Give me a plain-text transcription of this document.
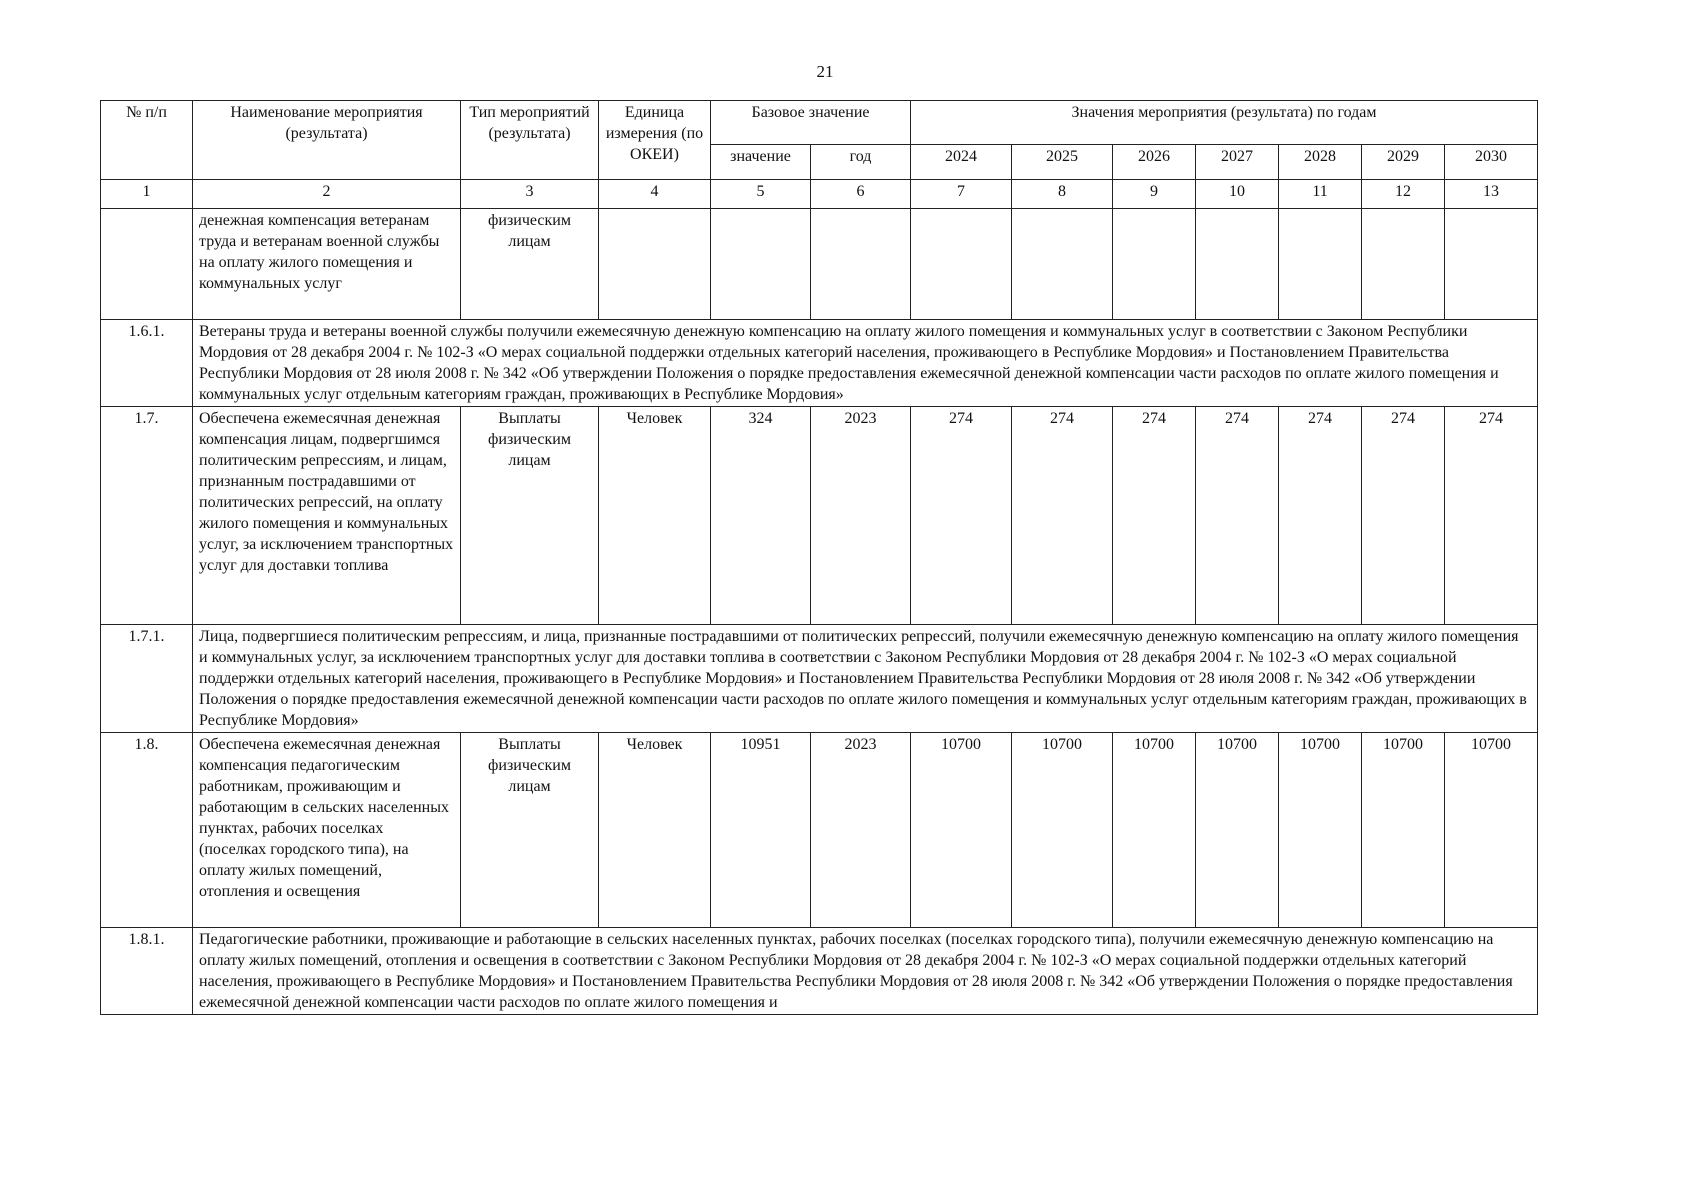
21
№ п/п	Наименование мероприятия (результата)	Тип мероприятий (результата)	Единица измерения (по ОКЕИ)	Базовое значение		Значения мероприятия (результата) по годам						
				значение	год	2024	2025	2026	2027	2028	2029	2030
1	2	3	4	5	6	7	8	9	10	11	12	13
	денежная компенсация ветеранам труда и ветеранам военной службы на оплату жилого помещения и коммунальных услуг	физическим лицам										
1.6.1.	Ветераны труда и ветераны военной службы получили ежемесячную денежную компенсацию на оплату жилого помещения и коммунальных услуг в соответствии с Законом Республики Мордовия от 28 декабря 2004 г. № 102-З «О мерах социальной поддержки отдельных категорий населения, проживающего в Республике Мордовия» и Постановлением Правительства Республики Мордовия от 28 июля 2008 г. № 342 «Об утверждении Положения о порядке предоставления ежемесячной денежной компенсации части расходов по оплате жилого помещения и коммунальных услуг отдельным категориям граждан, проживающих в Республике Мордовия»											
1.7.	Обеспечена ежемесячная денежная компенсация лицам, подвергшимся политическим репрессиям, и лицам, признанным пострадавшими от политических репрессий, на оплату жилого помещения и коммунальных услуг, за исключением транспортных услуг для доставки топлива	Выплаты физическим лицам	Человек	324	2023	274	274	274	274	274	274	274
1.7.1.	Лица, подвергшиеся политическим репрессиям, и лица, признанные пострадавшими от политических репрессий, получили ежемесячную денежную компенсацию на оплату жилого помещения и коммунальных услуг, за исключением транспортных услуг для доставки топлива в соответствии с Законом Республики Мордовия от 28 декабря 2004 г. № 102-З «О мерах социальной поддержки отдельных категорий населения, проживающего в Республике Мордовия» и Постановлением Правительства Республики Мордовия от 28 июля 2008 г. № 342 «Об утверждении Положения о порядке предоставления ежемесячной денежной компенсации части расходов по оплате жилого помещения и коммунальных услуг отдельным категориям граждан, проживающих в Республике Мордовия»											
1.8.	Обеспечена ежемесячная денежная компенсация педагогическим работникам, проживающим и работающим в сельских населенных пунктах, рабочих поселках (поселках городского типа), на оплату жилых помещений, отопления и освещения	Выплаты физическим лицам	Человек	10951	2023	10700	10700	10700	10700	10700	10700	10700
1.8.1.	Педагогические работники, проживающие и работающие в сельских населенных пунктах, рабочих поселках (поселках городского типа), получили ежемесячную денежную компенсацию на оплату жилых помещений, отопления и освещения в соответствии с Законом Республики Мордовия от 28 декабря 2004 г. № 102-З «О мерах социальной поддержки отдельных категорий населения, проживающего в Республике Мордовия» и Постановлением Правительства Республики Мордовия от 28 июля 2008 г. № 342 «Об утверждении Положения о порядке предоставления ежемесячной денежной компенсации части расходов по оплате жилого помещения и											
